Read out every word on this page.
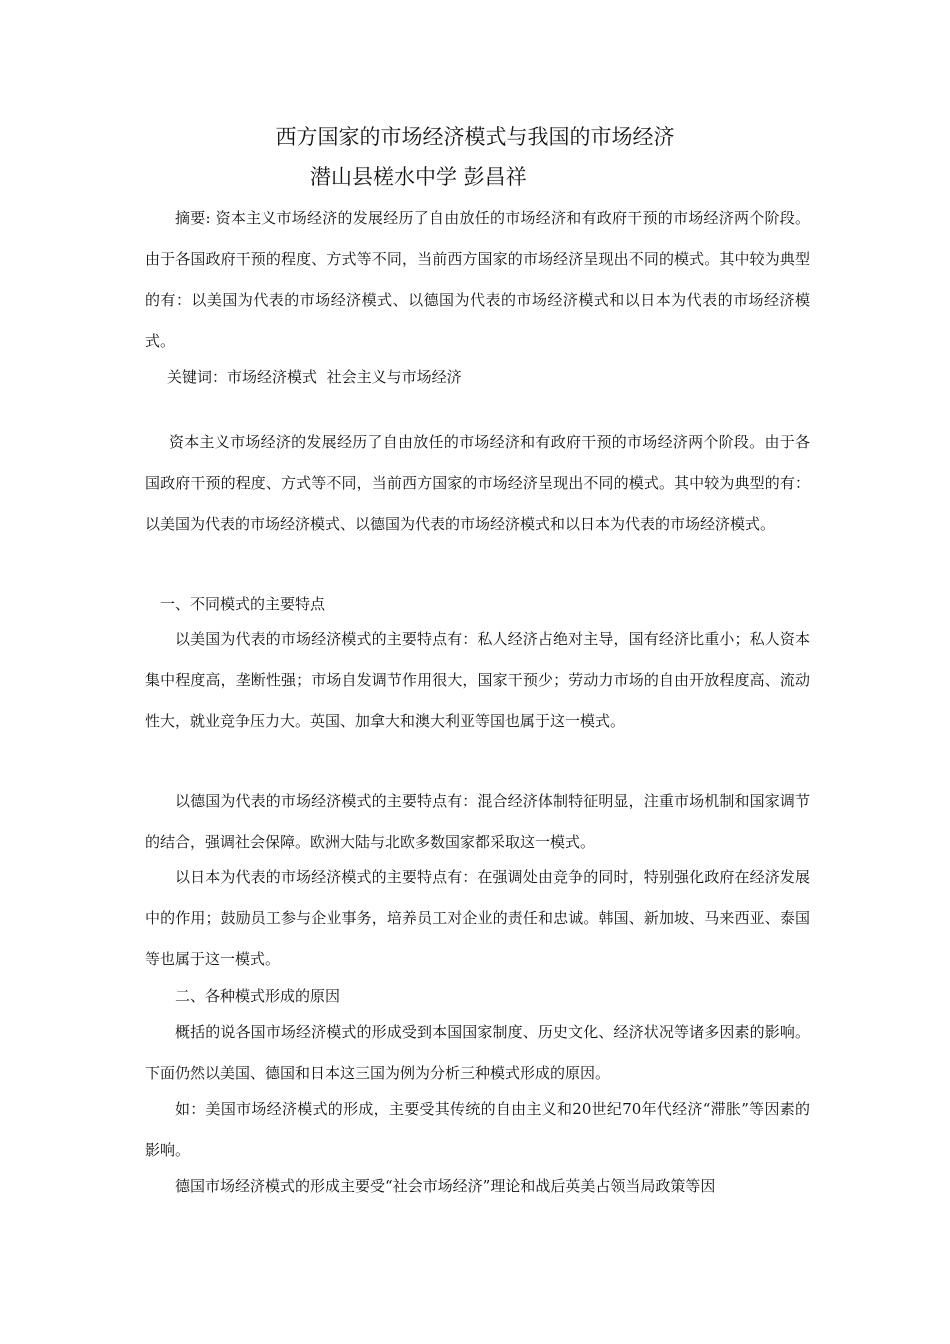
西方国家的市场经济模式与我国的市场经济
潜山县槎水中学 彭昌祥
摘要: 资本主义市场经济的发展经历了自由放任的市场经济和有政府干预的市场经济两个阶段。由于各国政府干预的程度、方式等不同，当前西方国家的市场经济呈现出不同的模式。其中较为典型的有：以美国为代表的市场经济模式、以德国为代表的市场经济模式和以日本为代表的市场经济模式。
关键词：市场经济模式 社会主义与市场经济
资本主义市场经济的发展经历了自由放任的市场经济和有政府干预的市场经济两个阶段。由于各国政府干预的程度、方式等不同，当前西方国家的市场经济呈现出不同的模式。其中较为典型的有：以美国为代表的市场经济模式、以德国为代表的市场经济模式和以日本为代表的市场经济模式。
一、不同模式的主要特点
以美国为代表的市场经济模式的主要特点有：私人经济占绝对主导，国有经济比重小；私人资本集中程度高，垄断性强；市场自发调节作用很大，国家干预少；劳动力市场的自由开放程度高、流动性大，就业竞争压力大。英国、加拿大和澳大利亚等国也属于这一模式。
以德国为代表的市场经济模式的主要特点有：混合经济体制特征明显，注重市场机制和国家调节的结合，强调社会保障。欧洲大陆与北欧多数国家都采取这一模式。
以日本为代表的市场经济模式的主要特点有：在强调处由竞争的同时，特别强化政府在经济发展中的作用；鼓励员工参与企业事务，培养员工对企业的责任和忠诚。韩国、新加坡、马来西亚、泰国等也属于这一模式。
二、各种模式形成的原因
概括的说各国市场经济模式的形成受到本国国家制度、历史文化、经济状况等诸多因素的影响。下面仍然以美国、德国和日本这三国为例为分析三种模式形成的原因。
如：美国市场经济模式的形成，主要受其传统的自由主义和20世纪70年代经济“滞胀”等因素的影响。
德国市场经济模式的形成主要受“社会市场经济”理论和战后英美占领当局政策等因
